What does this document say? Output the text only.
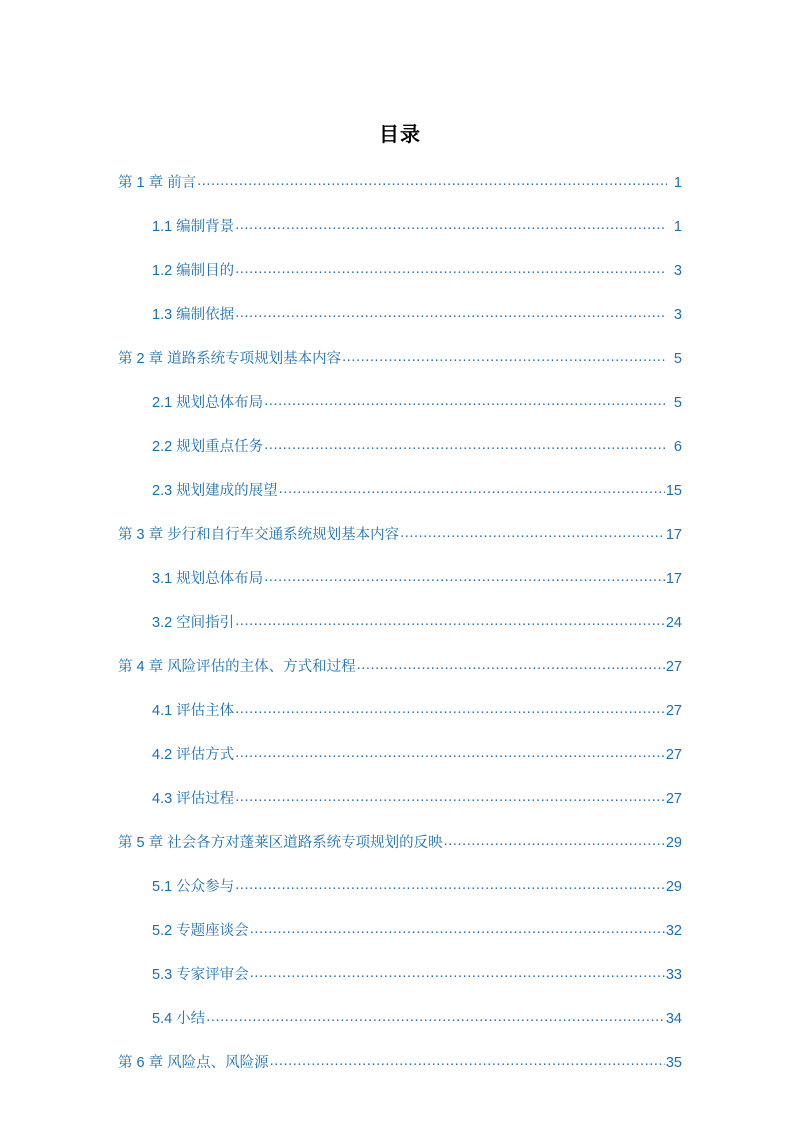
目录
第 1 章 前言 .....	1
1.1 编制背景 .....	1
1.2 编制目的 .....	3
1.3 编制依据 .....	3
第 2 章 道路系统专项规划基本内容 .....	5
2.1 规划总体布局 .....	5
2.2 规划重点任务 .....	6
2.3 规划建成的展望 .....	15
第 3 章 步行和自行车交通系统规划基本内容 .....	17
3.1 规划总体布局 .....	17
3.2 空间指引 .....	24
第 4 章 风险评估的主体、方式和过程 .....	27
4.1 评估主体 .....	27
4.2 评估方式 .....	27
4.3 评估过程 .....	27
第 5 章 社会各方对蓬莱区道路系统专项规划的反映 .....	29
5.1 公众参与 .....	29
5.2 专题座谈会 .....	32
5.3 专家评审会 .....	33
5.4 小结 .....	34
第 6 章 风险点、风险源 .....	35
